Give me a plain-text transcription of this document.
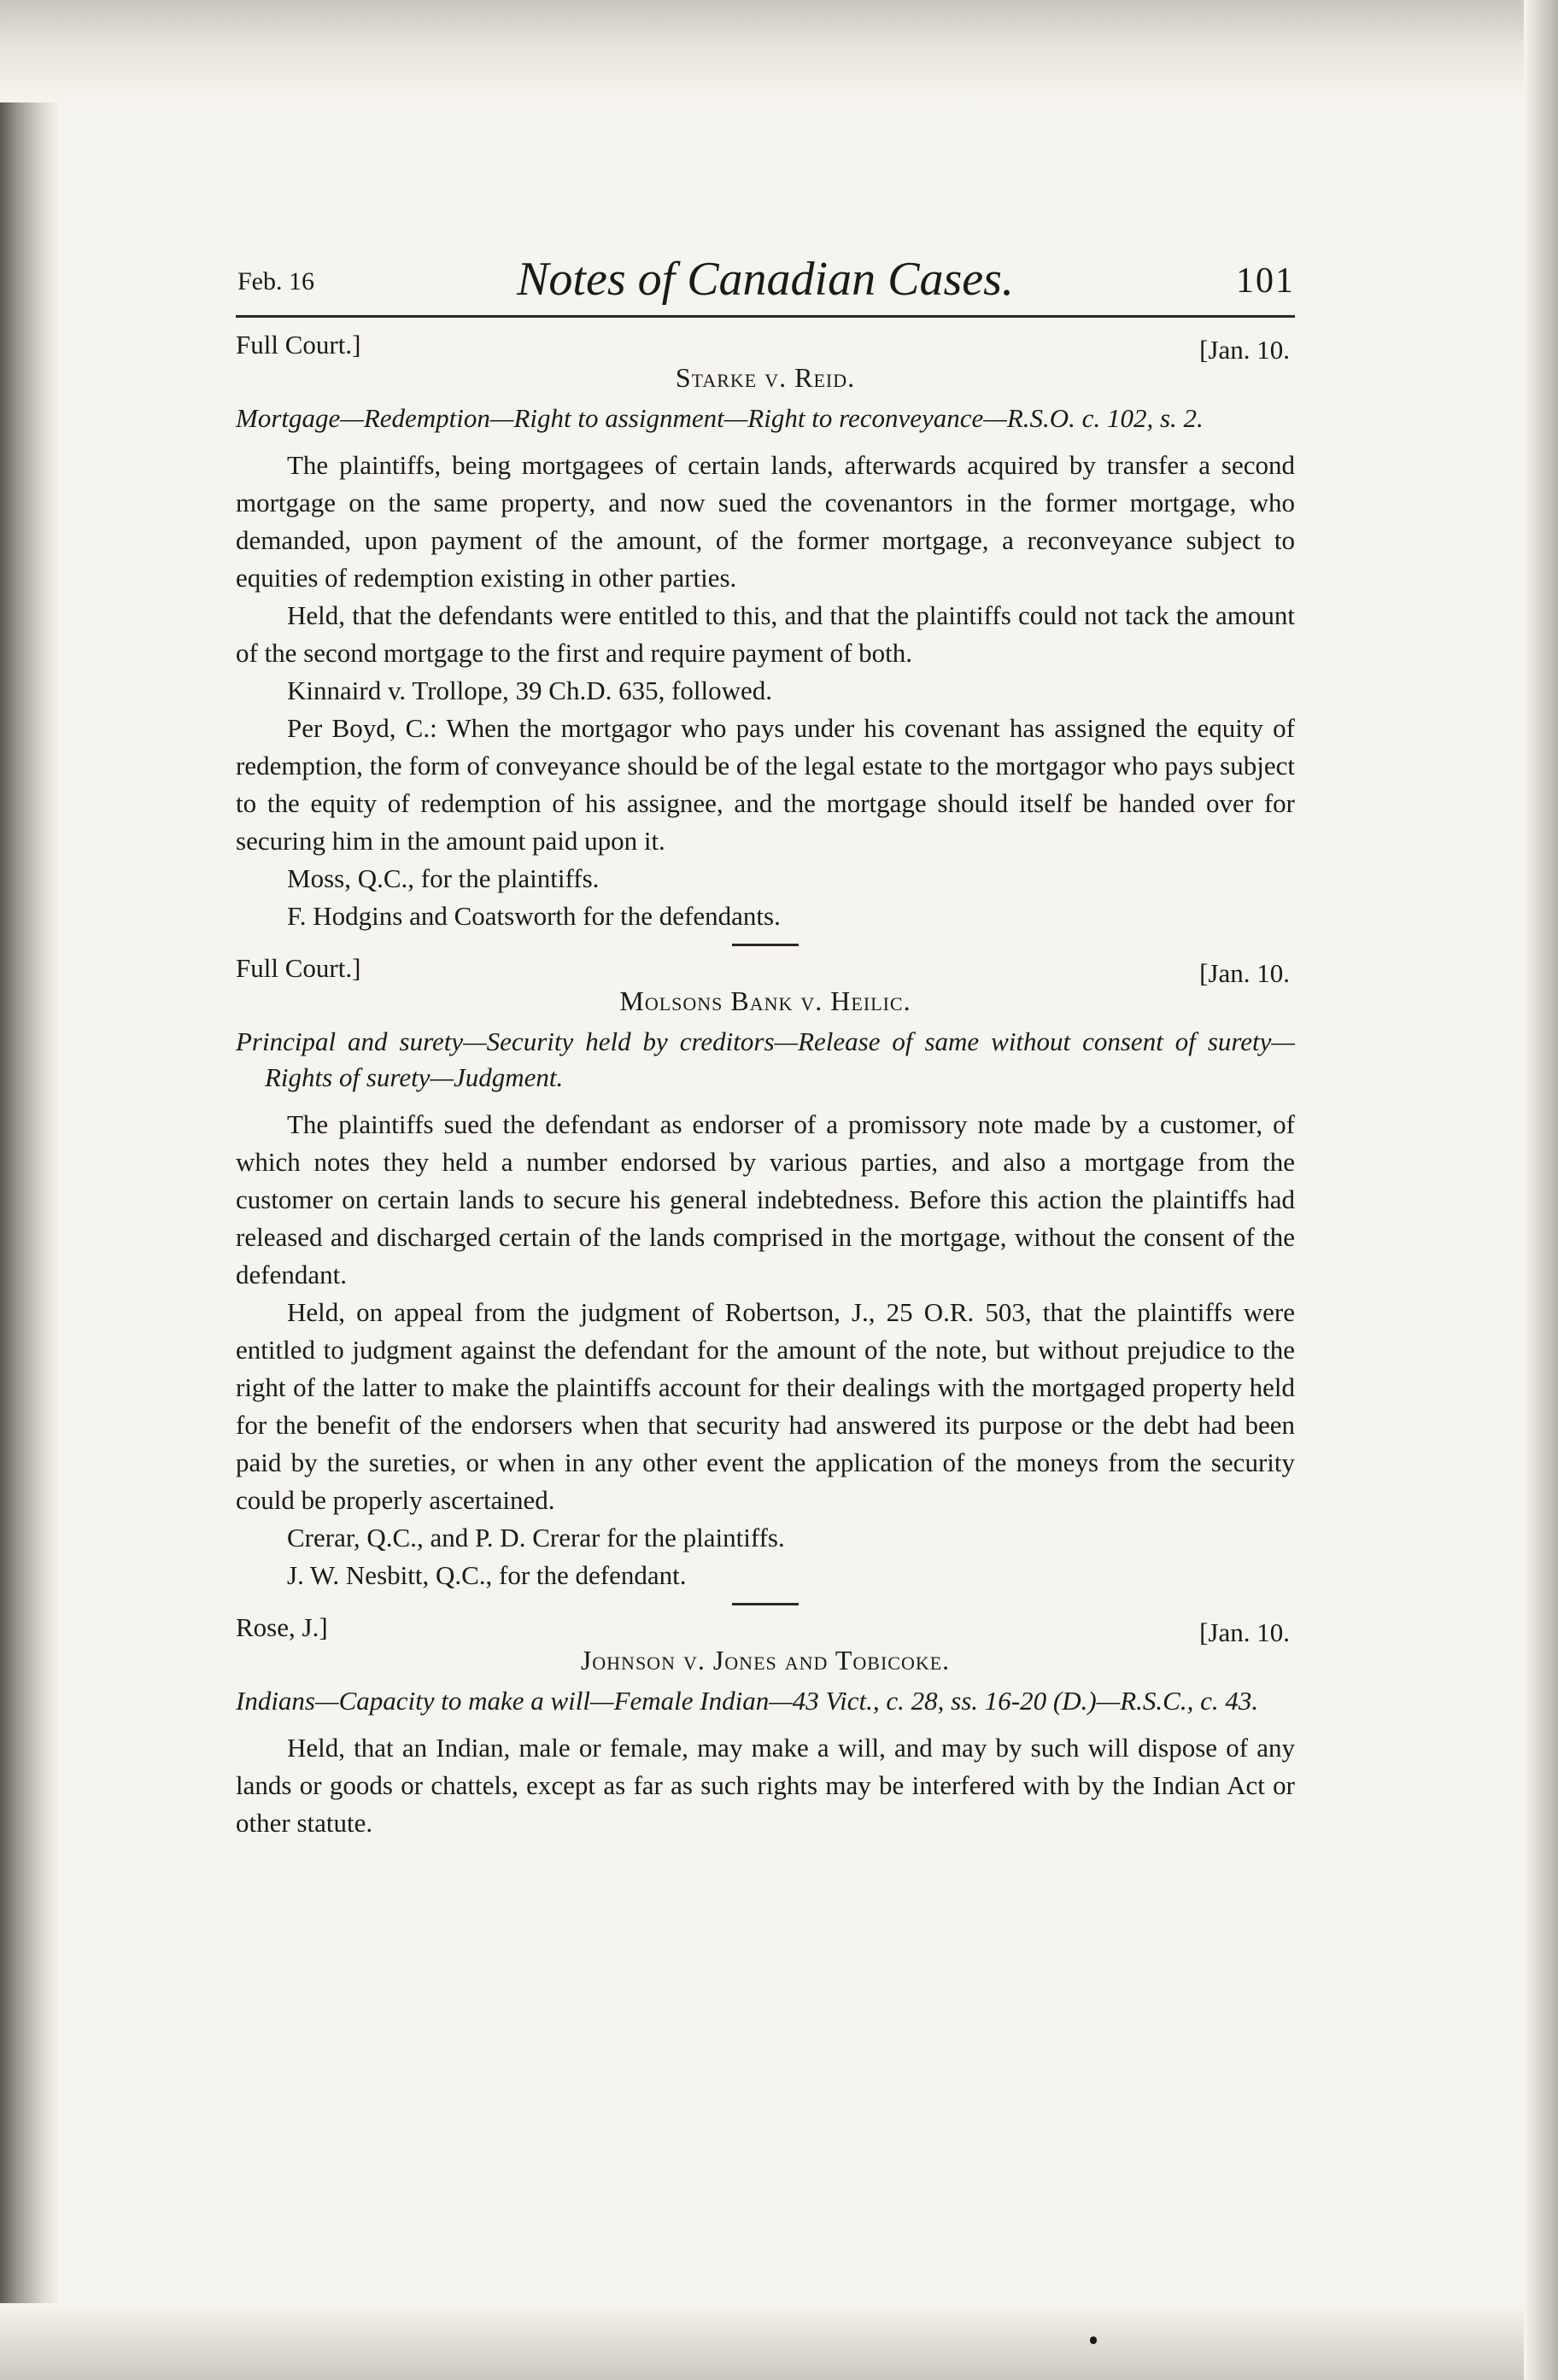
Feb. 16	Notes of Canadian Cases.	101
Full Court.]	[Jan. 10.
Starke v. Reid.
Mortgage—Redemption—Right to assignment—Right to reconveyance—R.S.O. c. 102, s. 2.

The plaintiffs, being mortgagees of certain lands, afterwards acquired by transfer a second mortgage on the same property, and now sued the covenantors in the former mortgage, who demanded, upon payment of the amount, of the former mortgage, a reconveyance subject to equities of redemption existing in other parties.

Held, that the defendants were entitled to this, and that the plaintiffs could not tack the amount of the second mortgage to the first and require payment of both.

Kinnaird v. Trollope, 39 Ch.D. 635, followed.

Per Boyd, C.: When the mortgagor who pays under his covenant has assigned the equity of redemption, the form of conveyance should be of the legal estate to the mortgagor who pays subject to the equity of redemption of his assignee, and the mortgage should itself be handed over for securing him in the amount paid upon it.

Moss, Q.C., for the plaintiffs.

F. Hodgins and Coatsworth for the defendants.

Full Court.]	[Jan. 10.
Molsons Bank v. Heilic.
Principal and surety—Security held by creditors—Release of same without consent of surety—Rights of surety—Judgment.

The plaintiffs sued the defendant as endorser of a promissory note made by a customer, of which notes they held a number endorsed by various parties, and also a mortgage from the customer on certain lands to secure his general indebtedness. Before this action the plaintiffs had released and discharged certain of the lands comprised in the mortgage, without the consent of the defendant.

Held, on appeal from the judgment of Robertson, J., 25 O.R. 503, that the plaintiffs were entitled to judgment against the defendant for the amount of the note, but without prejudice to the right of the latter to make the plaintiffs account for their dealings with the mortgaged property held for the benefit of the endorsers when that security had answered its purpose or the debt had been paid by the sureties, or when in any other event the application of the moneys from the security could be properly ascertained.

Crerar, Q.C., and P. D. Crerar for the plaintiffs.

J. W. Nesbitt, Q.C., for the defendant.

Rose, J.]	[Jan. 10.
Johnson v. Jones and Tobicoke.
Indians—Capacity to make a will—Female Indian—43 Vict., c. 28, ss. 16-20 (D.)—R.S.C., c. 43.

Held, that an Indian, male or female, may make a will, and may by such will dispose of any lands or goods or chattels, except as far as such rights may be interfered with by the Indian Act or other statute.
